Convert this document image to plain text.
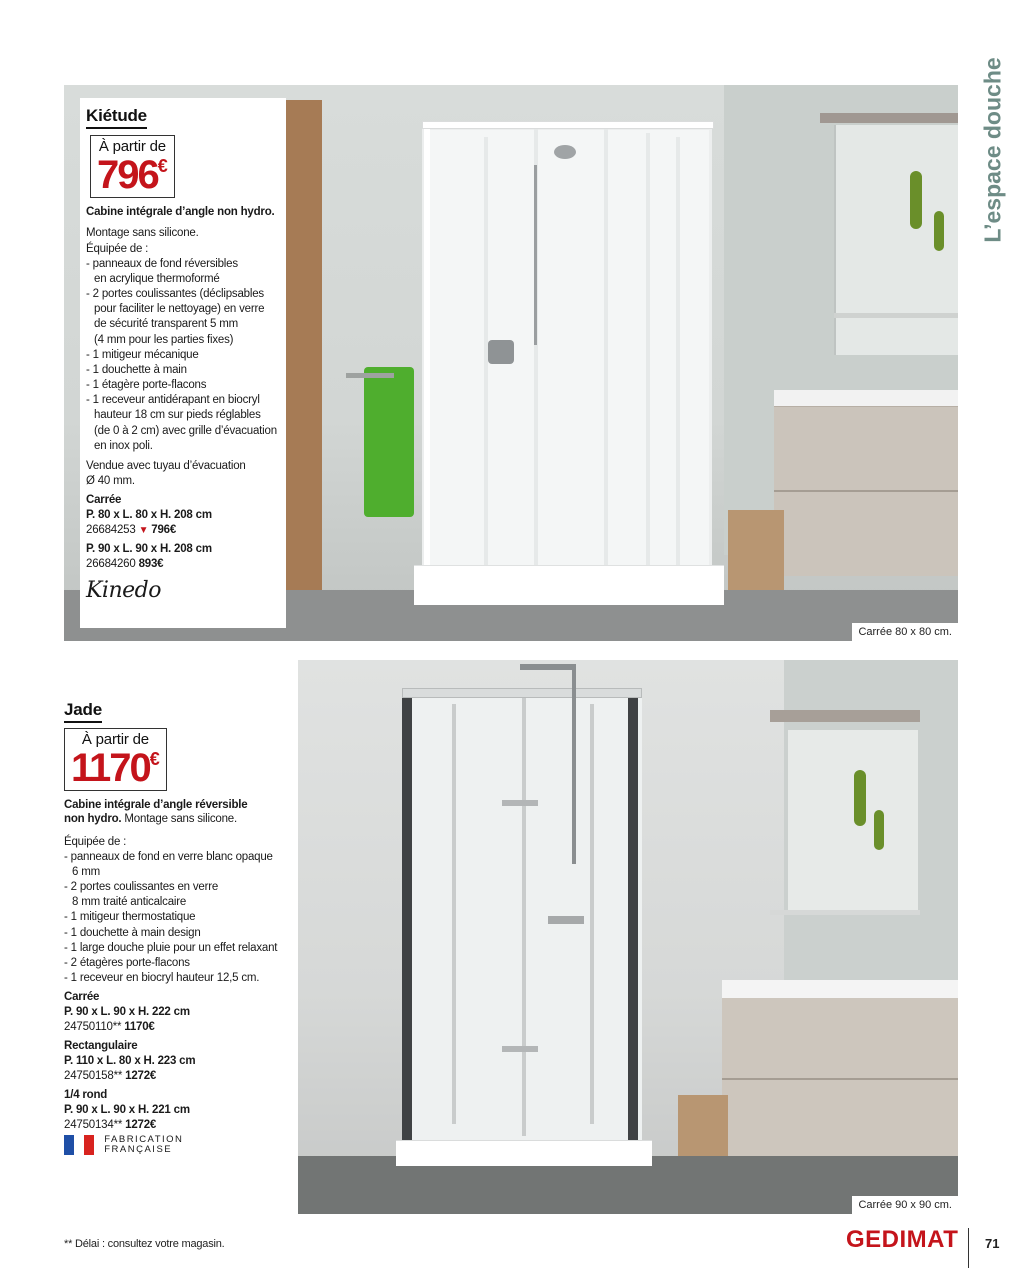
L’espace douche
Carrée 80 x 80 cm.
Kiétude

À partir de
796€
Cabine intégrale d’angle non hydro.
Montage sans silicone.
Équipée de :
- panneaux de fond réversibles
en acrylique thermoformé
- 2 portes coulissantes (déclipsables
pour faciliter le nettoyage) en verre
de sécurité transparent 5 mm
(4 mm pour les parties fixes)
- 1 mitigeur mécanique
- 1 douchette à main
- 1 étagère porte-flacons
- 1 receveur antidérapant en biocryl
hauteur 18 cm sur pieds réglables
(de 0 à 2 cm) avec grille d’évacuation
en inox poli.
Vendue avec tuyau d’évacuation
Ø 40 mm.
Carrée
P. 80 x L. 80 x H. 208 cm
26684253 ▼ 796€
P. 90 x L. 90 x H. 208 cm
26684260 893€
Kinedo
Carrée 90 x 90 cm.
Jade

À partir de
1170€
Cabine intégrale d’angle réversible
non hydro. Montage sans silicone.
Équipée de :
- panneaux de fond en verre blanc opaque
6 mm
- 2 portes coulissantes en verre
8 mm traité anticalcaire
- 1 mitigeur thermostatique
- 1 douchette à main design
- 1 large douche pluie pour un effet relaxant
- 2 étagères porte-flacons
- 1 receveur en biocryl hauteur 12,5 cm.
Carrée
P. 90 x L. 90 x H. 222 cm
24750110** 1170€
Rectangulaire
P. 110 x L. 80 x H. 223 cm
24750158** 1272€
1/4 rond
P. 90 x L. 90 x H. 221 cm
24750134** 1272€
FABRICATION
FRANÇAISE
** Délai : consultez votre magasin.	GEDIMAT 71
